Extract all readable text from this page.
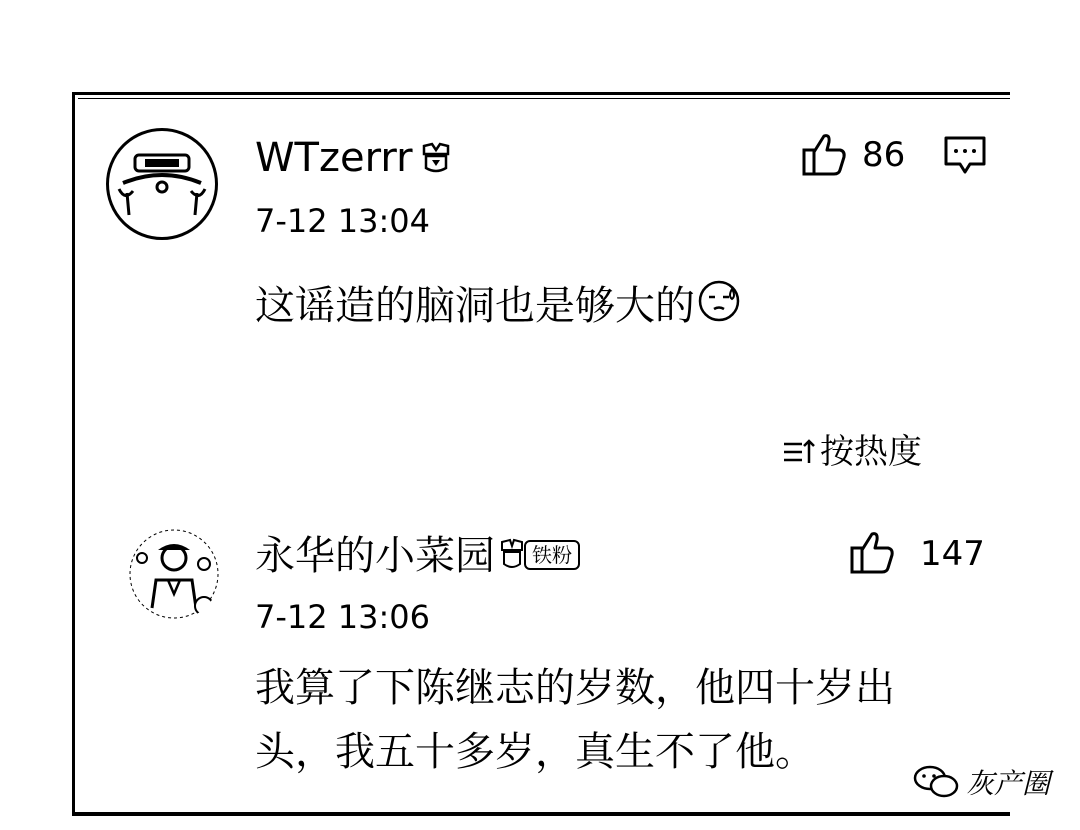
WTzerrr
7-12 13:04
这谣造的脑洞也是够大的
86
按热度
永华的小菜园	铁粉
7-12 13:06
我算了下陈继志的岁数，他四十岁出头，我五十多岁，真生不了他。
147
灰产圈
